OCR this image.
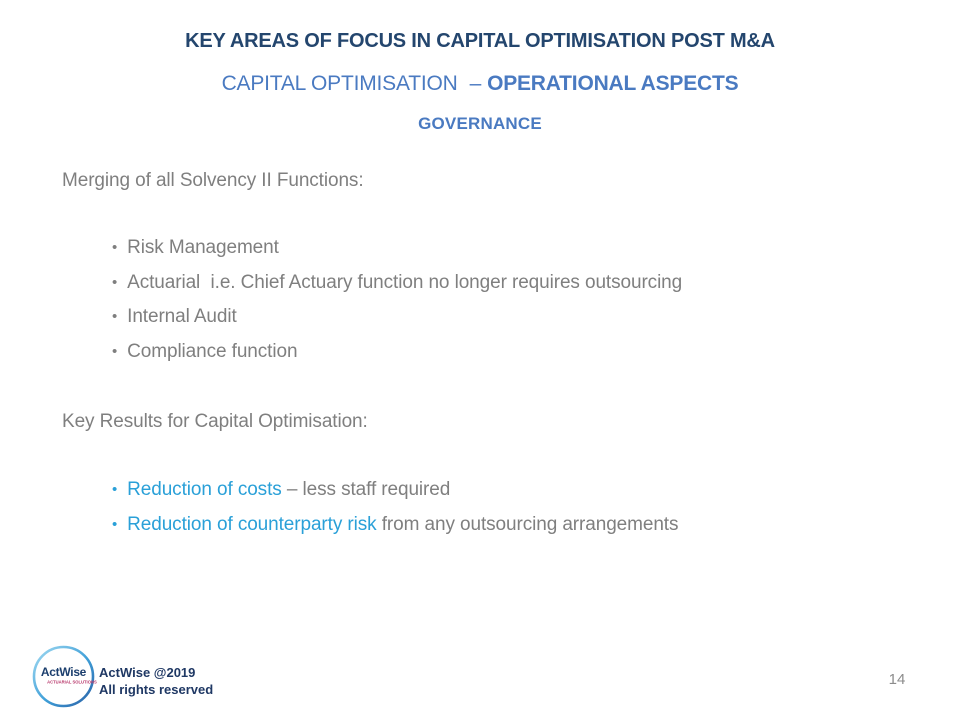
KEY AREAS OF FOCUS IN CAPITAL OPTIMISATION POST M&A
CAPITAL OPTIMISATION – OPERATIONAL ASPECTS
GOVERNANCE
Merging of all Solvency II Functions:
• Risk Management
• Actuarial  i.e. Chief Actuary function no longer requires outsourcing
• Internal Audit
• Compliance function
Key Results for Capital Optimisation:
• Reduction of costs – less staff required
• Reduction of counterparty risk from any outsourcing arrangements
ActWise
ACTUARIAL SOLUTIONS
ActWise @2019
All rights reserved
14
